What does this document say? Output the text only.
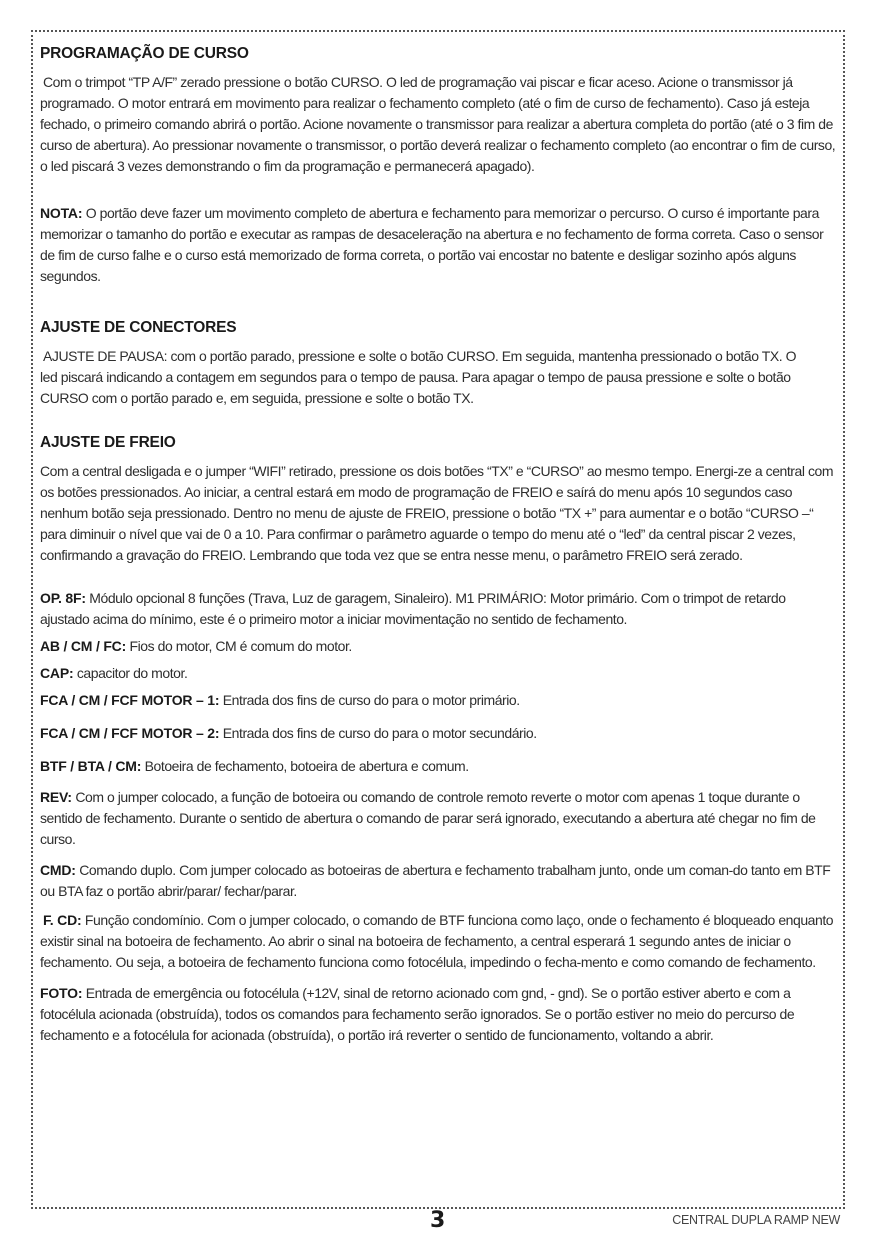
PROGRAMAÇÃO DE CURSO

Com o trimpot “TP A/F” zerado pressione o botão CURSO. O led de programação vai piscar e ficar aceso. Acione o transmissor já programado. O motor entrará em movimento para realizar o fechamento completo (até o fim de curso de fechamento). Caso já esteja fechado, o primeiro comando abrirá o portão. Acione novamente o transmissor para realizar a abertura completa do portão (até o 3 fim de curso de abertura). Ao pressionar novamente o transmissor, o portão deverá realizar o fechamento completo (ao encontrar o fim de curso, o led piscará 3 vezes demonstrando o fim da programação e permanecerá apagado).

NOTA: O portão deve fazer um movimento completo de abertura e fechamento para memorizar o percurso. O curso é importante para memorizar o tamanho do portão e executar as rampas de desaceleração na abertura e no fechamento de forma correta. Caso o sensor de fim de curso falhe e o curso está memorizado de forma correta, o portão vai encostar no batente e desligar sozinho após alguns segundos.

AJUSTE DE CONECTORES

AJUSTE DE PAUSA: com o portão parado, pressione e solte o botão CURSO. Em seguida, mantenha pressionado o botão TX. O led piscará indicando a contagem em segundos para o tempo de pausa. Para apagar o tempo de pausa pressione e solte o botão CURSO com o portão parado e, em seguida, pressione e solte o botão TX.

AJUSTE DE FREIO

Com a central desligada e o jumper “WIFI” retirado, pressione os dois botões “TX” e “CURSO” ao mesmo tempo. Energi-ze a central com os botões pressionados. Ao iniciar, a central estará em modo de programação de FREIO e saírá do menu após 10 segundos caso nenhum botão seja pressionado. Dentro no menu de ajuste de FREIO, pressione o botão “TX +” para aumentar e o botão “CURSO –“ para diminuir o nível que vai de 0 a 10. Para confirmar o parâmetro aguarde o tempo do menu até o “led” da central piscar 2 vezes, confirmando a gravação do FREIO. Lembrando que toda vez que se entra nesse menu, o parâmetro FREIO será zerado.

OP. 8F: Módulo opcional 8 funções (Trava, Luz de garagem, Sinaleiro). M1 PRIMÁRIO: Motor primário. Com o trimpot de retardo ajustado acima do mínimo, este é o primeiro motor a iniciar movimentação no sentido de fechamento.

AB / CM / FC: Fios do motor, CM é comum do motor.

CAP: capacitor do motor.

FCA / CM / FCF MOTOR – 1: Entrada dos fins de curso do para o motor primário.

FCA / CM / FCF MOTOR – 2: Entrada dos fins de curso do para o motor secundário.

BTF / BTA / CM: Botoeira de fechamento, botoeira de abertura e comum.

REV: Com o jumper colocado, a função de botoeira ou comando de controle remoto reverte o motor com apenas 1 toque durante o sentido de fechamento. Durante o sentido de abertura o comando de parar será ignorado, executando a abertura até chegar no fim de curso.

CMD: Comando duplo. Com jumper colocado as botoeiras de abertura e fechamento trabalham junto, onde um coman-do tanto em BTF ou BTA faz o portão abrir/parar/ fechar/parar.

F. CD: Função condomínio. Com o jumper colocado, o comando de BTF funciona como laço, onde o fechamento é bloqueado enquanto existir sinal na botoeira de fechamento. Ao abrir o sinal na botoeira de fechamento, a central esperará 1 segundo antes de iniciar o fechamento. Ou seja, a botoeira de fechamento funciona como fotocélula, impedindo o fecha-mento e como comando de fechamento.

FOTO: Entrada de emergência ou fotocélula (+12V, sinal de retorno acionado com gnd, - gnd). Se o portão estiver aberto e com a fotocélula acionada (obstruída), todos os comandos para fechamento serão ignorados. Se o portão estiver no meio do percurso de fechamento e a fotocélula for acionada (obstruída), o portão irá reverter o sentido de funcionamento, voltando a abrir.

3	CENTRAL DUPLA RAMP NEW
